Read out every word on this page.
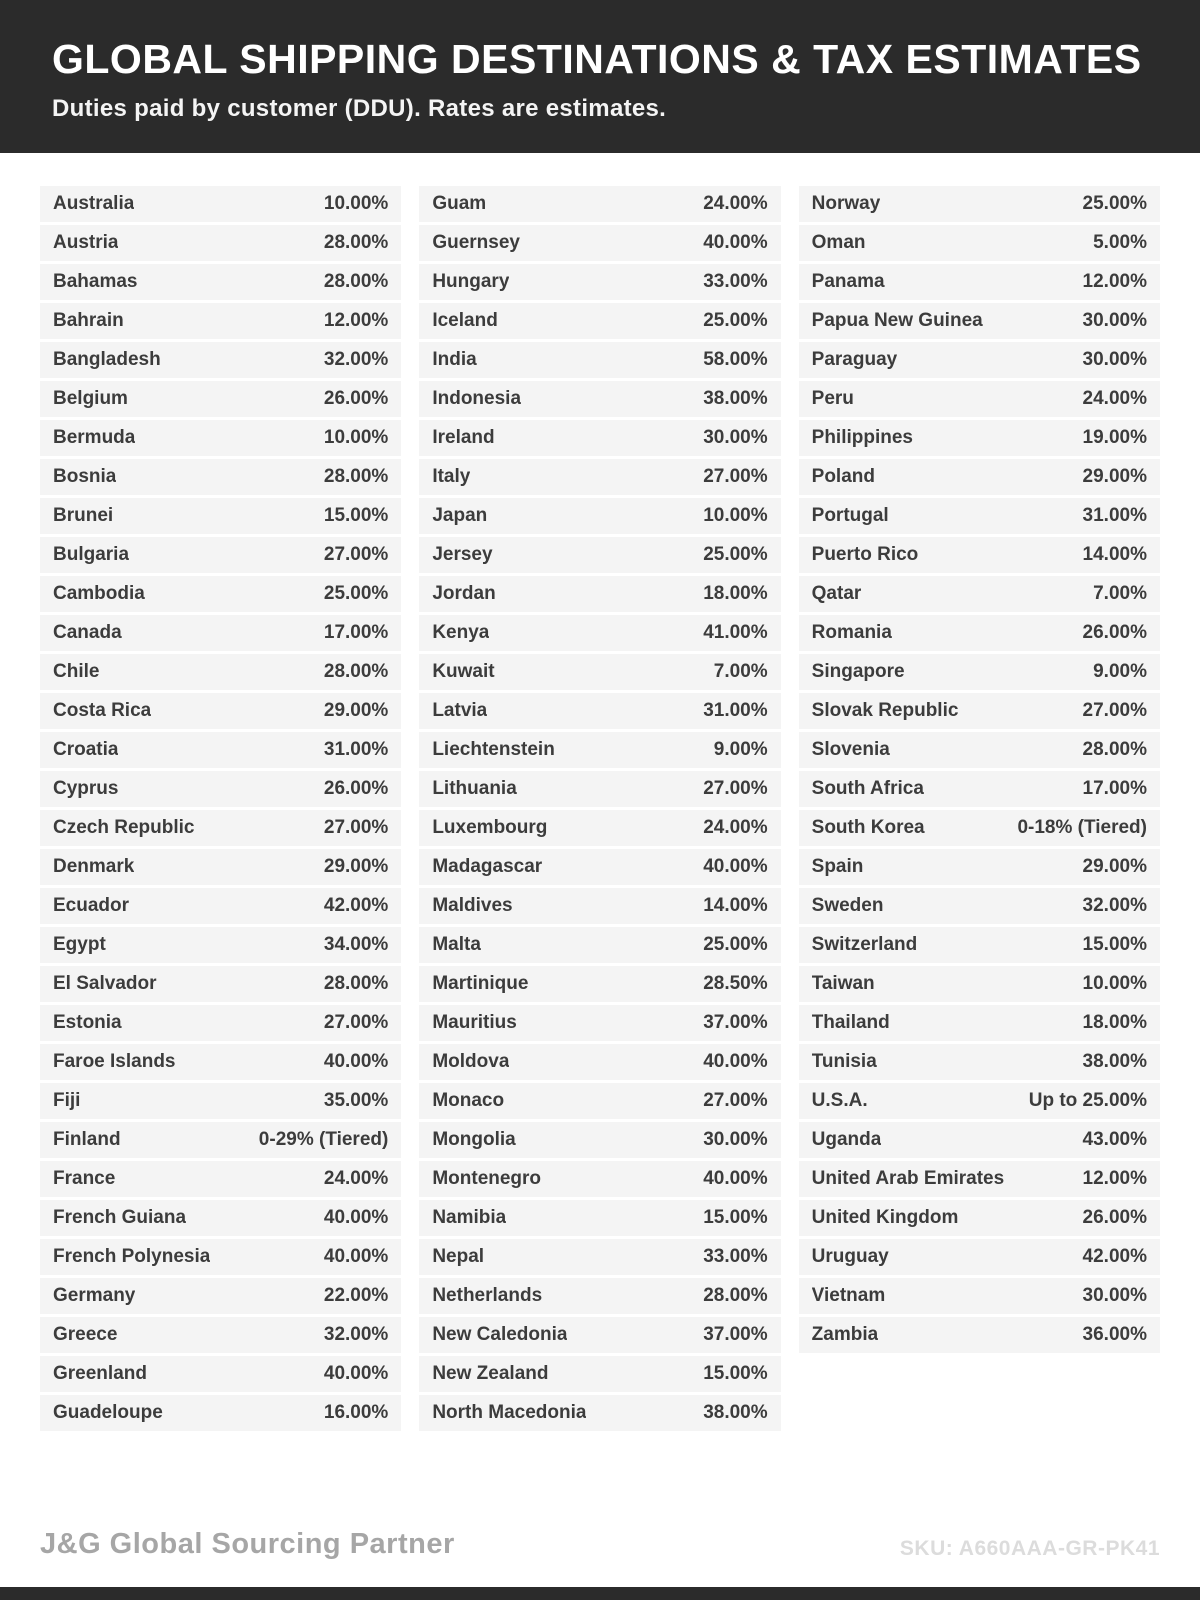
GLOBAL SHIPPING DESTINATIONS & TAX ESTIMATES

Duties paid by customer (DDU). Rates are estimates.

Australia	10.00%
Austria	28.00%
Bahamas	28.00%
Bahrain	12.00%
Bangladesh	32.00%
Belgium	26.00%
Bermuda	10.00%
Bosnia	28.00%
Brunei	15.00%
Bulgaria	27.00%
Cambodia	25.00%
Canada	17.00%
Chile	28.00%
Costa Rica	29.00%
Croatia	31.00%
Cyprus	26.00%
Czech Republic	27.00%
Denmark	29.00%
Ecuador	42.00%
Egypt	34.00%
El Salvador	28.00%
Estonia	27.00%
Faroe Islands	40.00%
Fiji	35.00%
Finland	0-29% (Tiered)
France	24.00%
French Guiana	40.00%
French Polynesia	40.00%
Germany	22.00%
Greece	32.00%
Greenland	40.00%
Guadeloupe	16.00%
Guam	24.00%
Guernsey	40.00%
Hungary	33.00%
Iceland	25.00%
India	58.00%
Indonesia	38.00%
Ireland	30.00%
Italy	27.00%
Japan	10.00%
Jersey	25.00%
Jordan	18.00%
Kenya	41.00%
Kuwait	7.00%
Latvia	31.00%
Liechtenstein	9.00%
Lithuania	27.00%
Luxembourg	24.00%
Madagascar	40.00%
Maldives	14.00%
Malta	25.00%
Martinique	28.50%
Mauritius	37.00%
Moldova	40.00%
Monaco	27.00%
Mongolia	30.00%
Montenegro	40.00%
Namibia	15.00%
Nepal	33.00%
Netherlands	28.00%
New Caledonia	37.00%
New Zealand	15.00%
North Macedonia	38.00%
Norway	25.00%
Oman	5.00%
Panama	12.00%
Papua New Guinea	30.00%
Paraguay	30.00%
Peru	24.00%
Philippines	19.00%
Poland	29.00%
Portugal	31.00%
Puerto Rico	14.00%
Qatar	7.00%
Romania	26.00%
Singapore	9.00%
Slovak Republic	27.00%
Slovenia	28.00%
South Africa	17.00%
South Korea	0-18% (Tiered)
Spain	29.00%
Sweden	32.00%
Switzerland	15.00%
Taiwan	10.00%
Thailand	18.00%
Tunisia	38.00%
U.S.A.	Up to 25.00%
Uganda	43.00%
United Arab Emirates	12.00%
United Kingdom	26.00%
Uruguay	42.00%
Vietnam	30.00%
Zambia	36.00%
J&G Global Sourcing Partner	SKU: A660AAA-GR-PK41
